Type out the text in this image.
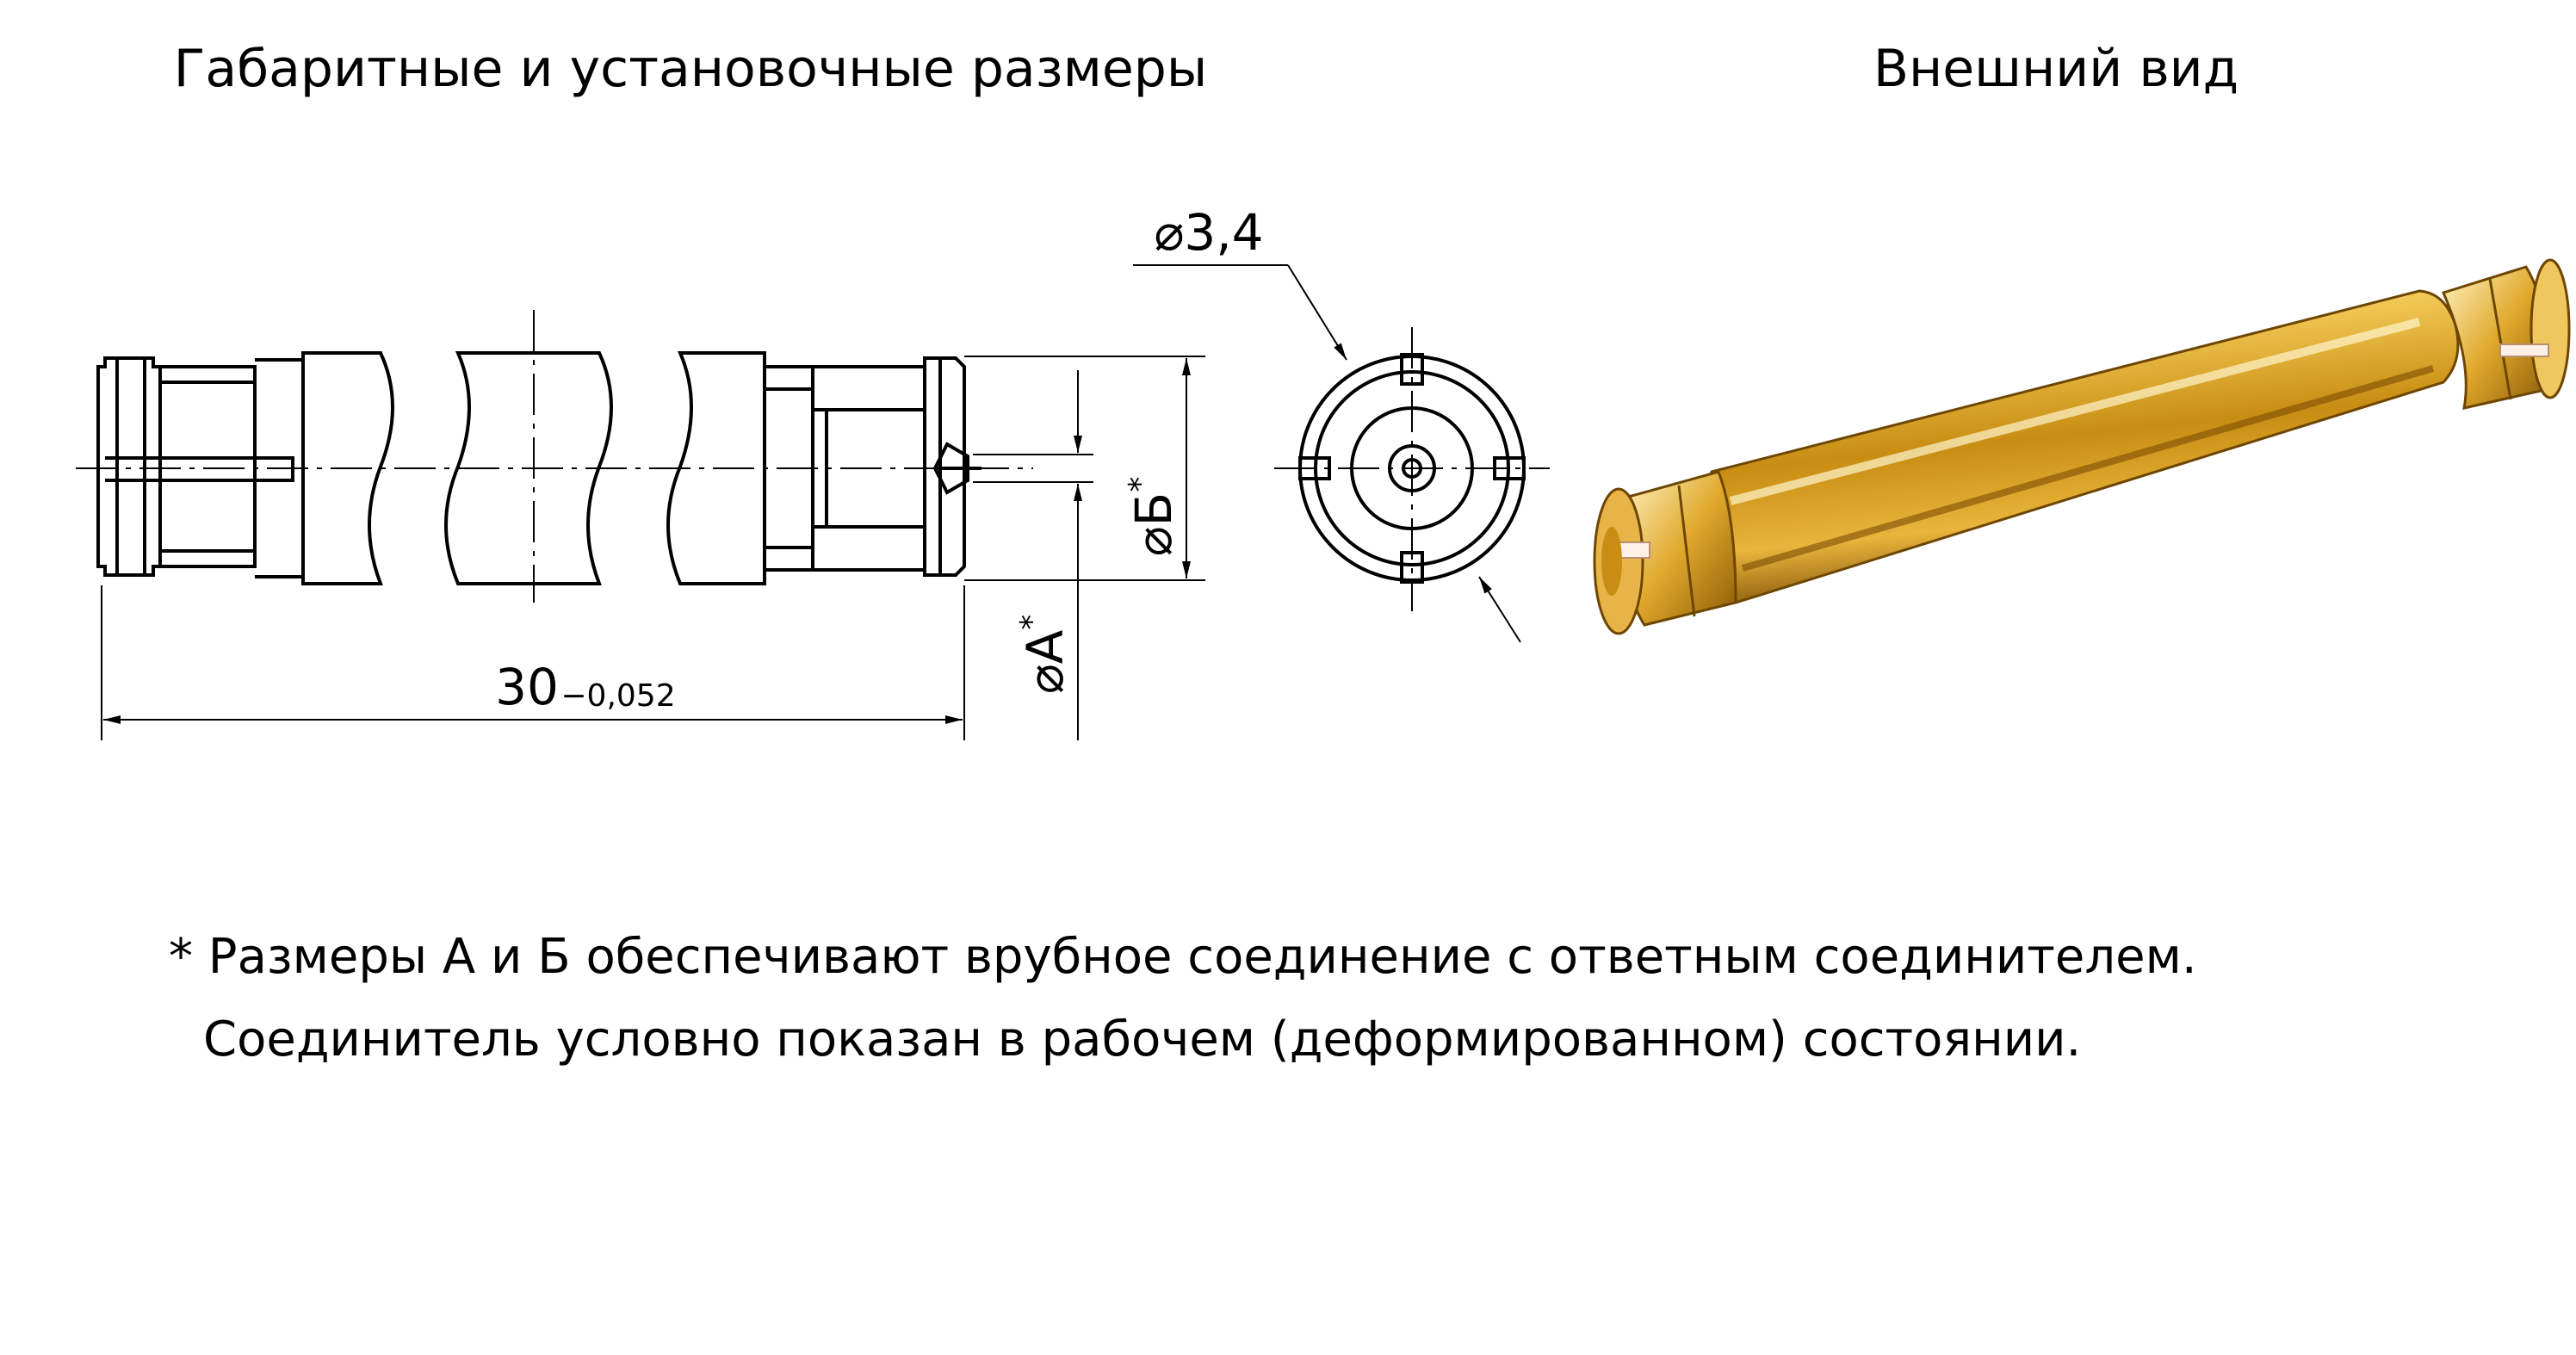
Габаритные и установочные размеры	Внешний вид
30 −0,052
⌀Б*
⌀А*
⌀3,4
* Размеры А и Б обеспечивают врубное соединение с ответным соединителем.
Соединитель условно показан в рабочем (деформированном) состоянии.
